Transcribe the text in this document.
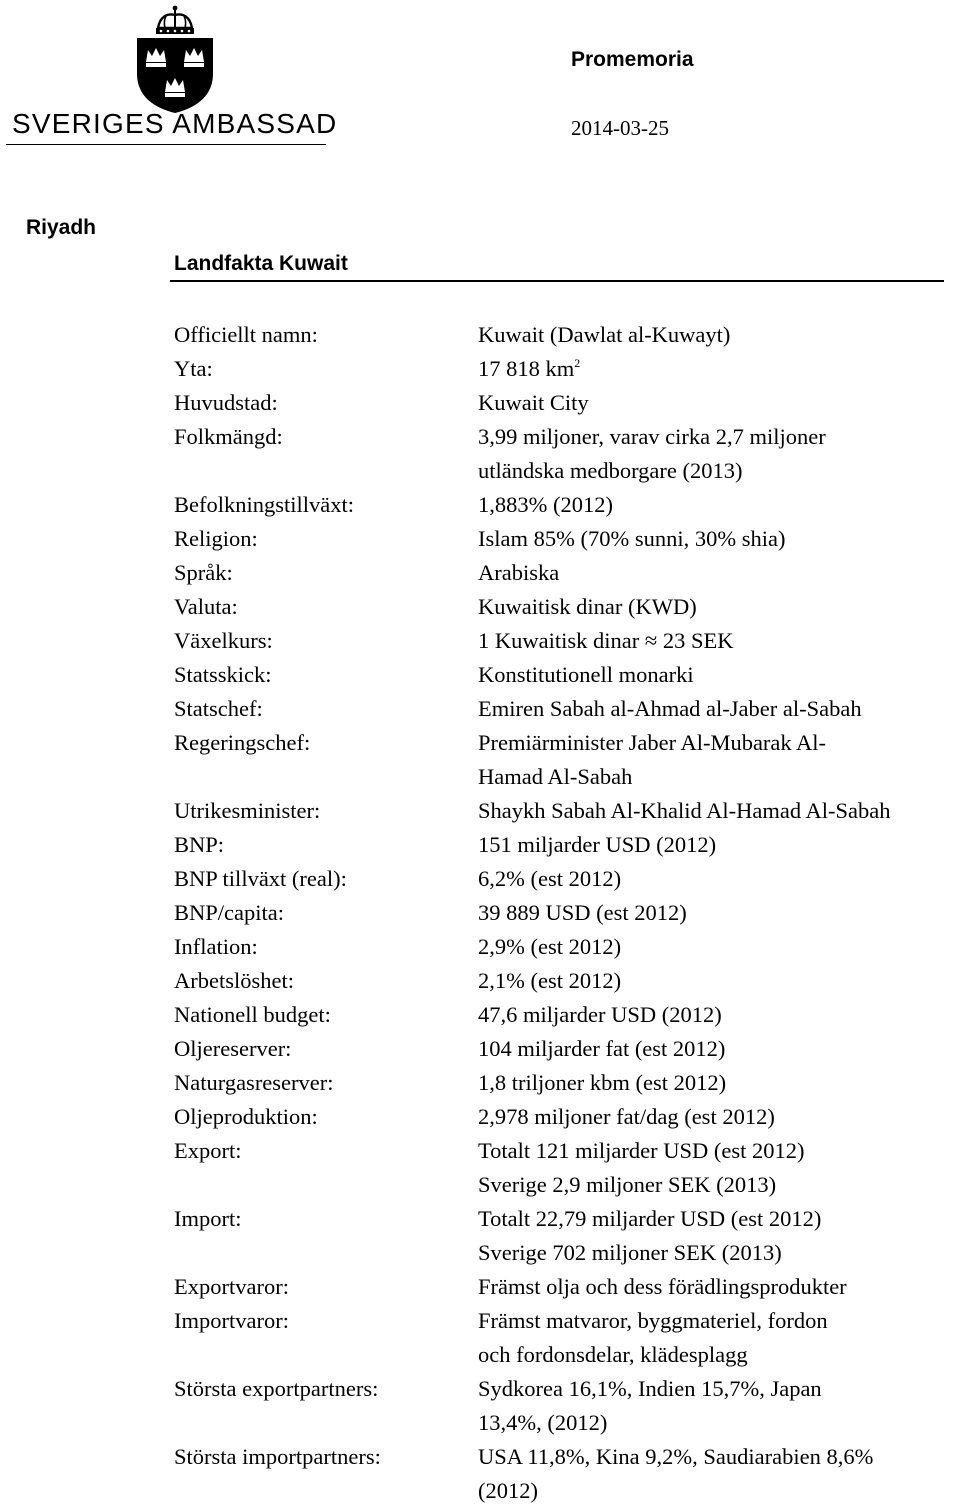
SVERIGES AMBASSAD
Promemoria
2014-03-25
Riyadh
Landfakta Kuwait
Officiellt namn:	Kuwait (Dawlat al-Kuwayt)
Yta:	17 818 $km^2$
Huvudstad:	Kuwait City
Folkmängd:	3,99 miljoner, varav cirka 2,7 miljoner
utländska medborgare (2013)
Befolkningstillväxt:	1,883% (2012)
Religion:	Islam 85% (70% sunni, 30% shia)
Språk:	Arabiska
Valuta:	Kuwaitisk dinar (KWD)
Växelkurs:	1 Kuwaitisk dinar ≈ 23 SEK
Statsskick:	Konstitutionell monarki
Statschef:	Emiren Sabah al-Ahmad al-Jaber al-Sabah
Regeringschef:	Premiärminister Jaber Al-Mubarak Al-
Hamad Al-Sabah
Utrikesminister:	Shaykh Sabah Al-Khalid Al-Hamad Al-Sabah
BNP:	151 miljarder USD (2012)
BNP tillväxt (real):	6,2% (est 2012)
BNP/capita:	39 889 USD (est 2012)
Inflation:	2,9% (est 2012)
Arbetslöshet:	2,1% (est 2012)
Nationell budget:	47,6 miljarder USD (2012)
Oljereserver:	104 miljarder fat (est 2012)
Naturgasreserver:	1,8 triljoner kbm (est 2012)
Oljeproduktion:	2,978 miljoner fat/dag (est 2012)
Export:	Totalt 121 miljarder USD (est 2012)
Sverige 2,9 miljoner SEK (2013)
Import:	Totalt 22,79 miljarder USD (est 2012)
Sverige 702 miljoner SEK (2013)
Exportvaror:	Främst olja och dess förädlingsprodukter
Importvaror:	Främst matvaror, byggmateriel, fordon
och fordonsdelar, klädesplagg
Största exportpartners:	Sydkorea 16,1%, Indien 15,7%, Japan
13,4%, (2012)
Största importpartners:	USA 11,8%, Kina 9,2%, Saudiarabien 8,6%
(2012)
